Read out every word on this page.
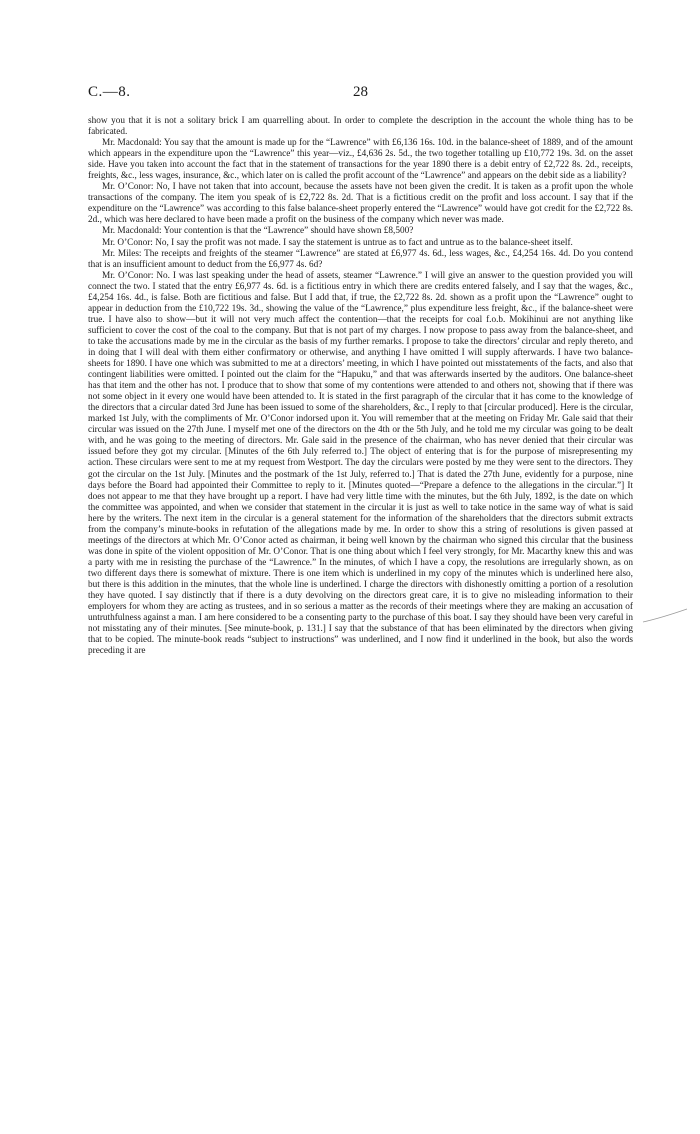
C.—8.	28

show you that it is not a solitary brick I am quarrelling about. In order to complete the description in the account the whole thing has to be fabricated.

Mr. Macdonald: You say that the amount is made up for the “Lawrence” with £6,136 16s. 10d. in the balance-sheet of 1889, and of the amount which appears in the expenditure upon the “Lawrence” this year—viz., £4,636 2s. 5d., the two together totalling up £10,772 19s. 3d. on the asset side. Have you taken into account the fact that in the statement of transactions for the year 1890 there is a debit entry of £2,722 8s. 2d., receipts, freights, &c., less wages, insurance, &c., which later on is called the profit account of the “Lawrence” and appears on the debit side as a liability?

Mr. O’Conor: No, I have not taken that into account, because the assets have not been given the credit. It is taken as a profit upon the whole transactions of the company. The item you speak of is £2,722 8s. 2d. That is a fictitious credit on the profit and loss account. I say that if the expenditure on the “Lawrence” was according to this false balance-sheet properly entered the “Lawrence” would have got credit for the £2,722 8s. 2d., which was here declared to have been made a profit on the business of the company which never was made.

Mr. Macdonald: Your contention is that the “Lawrence” should have shown £8,500?

Mr. O’Conor: No, I say the profit was not made. I say the statement is untrue as to fact and untrue as to the balance-sheet itself.

Mr. Miles: The receipts and freights of the steamer “Lawrence” are stated at £6,977 4s. 6d., less wages, &c., £4,254 16s. 4d. Do you contend that is an insufficient amount to deduct from the £6,977 4s. 6d?

Mr. O’Conor: No. I was last speaking under the head of assets, steamer “Lawrence.” I will give an answer to the question provided you will connect the two. I stated that the entry £6,977 4s. 6d. is a fictitious entry in which there are credits entered falsely, and I say that the wages, &c., £4,254 16s. 4d., is false. Both are fictitious and false. But I add that, if true, the £2,722 8s. 2d. shown as a profit upon the “Lawrence” ought to appear in deduction from the £10,722 19s. 3d., showing the value of the “Lawrence,” plus expenditure less freight, &c., if the balance-sheet were true. I have also to show—but it will not very much affect the contention—that the receipts for coal f.o.b. Mokihinui are not anything like sufficient to cover the cost of the coal to the company. But that is not part of my charges. I now propose to pass away from the balance-sheet, and to take the accusations made by me in the circular as the basis of my further remarks. I propose to take the directors’ circular and reply thereto, and in doing that I will deal with them either confirmatory or otherwise, and anything I have omitted I will supply afterwards. I have two balance-sheets for 1890. I have one which was submitted to me at a directors’ meeting, in which I have pointed out misstatements of the facts, and also that contingent liabilities were omitted. I pointed out the claim for the “Hapuku,” and that was afterwards inserted by the auditors. One balance-sheet has that item and the other has not. I produce that to show that some of my contentions were attended to and others not, showing that if there was not some object in it every one would have been attended to. It is stated in the first paragraph of the circular that it has come to the knowledge of the directors that a circular dated 3rd June has been issued to some of the shareholders, &c., I reply to that [circular produced]. Here is the circular, marked 1st July, with the compliments of Mr. O’Conor indorsed upon it. You will remember that at the meeting on Friday Mr. Gale said that their circular was issued on the 27th June. I myself met one of the directors on the 4th or the 5th July, and he told me my circular was going to be dealt with, and he was going to the meeting of directors. Mr. Gale said in the presence of the chairman, who has never denied that their circular was issued before they got my circular. [Minutes of the 6th July referred to.] The object of entering that is for the purpose of misrepresenting my action. These circulars were sent to me at my request from Westport. The day the circulars were posted by me they were sent to the directors. They got the circular on the 1st July. [Minutes and the postmark of the 1st July, referred to.] That is dated the 27th June, evidently for a purpose, nine days before the Board had appointed their Committee to reply to it. [Minutes quoted—“Prepare a defence to the allegations in the circular.”] It does not appear to me that they have brought up a report. I have had very little time with the minutes, but the 6th July, 1892, is the date on which the committee was appointed, and when we consider that statement in the circular it is just as well to take notice in the same way of what is said here by the writers. The next item in the circular is a general statement for the information of the shareholders that the directors submit extracts from the company’s minute-books in refutation of the allegations made by me. In order to show this a string of resolutions is given passed at meetings of the directors at which Mr. O’Conor acted as chairman, it being well known by the chairman who signed this circular that the business was done in spite of the violent opposition of Mr. O’Conor. That is one thing about which I feel very strongly, for Mr. Macarthy knew this and was a party with me in resisting the purchase of the “Lawrence.” In the minutes, of which I have a copy, the resolutions are irregularly shown, as on two different days there is somewhat of mixture. There is one item which is underlined in my copy of the minutes which is underlined here also, but there is this addition in the minutes, that the whole line is underlined. I charge the directors with dishonestly omitting a portion of a resolution they have quoted. I say distinctly that if there is a duty devolving on the directors great care, it is to give no misleading information to their employers for whom they are acting as trustees, and in so serious a matter as the records of their meetings where they are making an accusation of untruthfulness against a man. I am here considered to be a consenting party to the purchase of this boat. I say they should have been very careful in not misstating any of their minutes. [See minute-book, p. 131.] I say that the substance of that has been eliminated by the directors when giving that to be copied. The minute-book reads “subject to instructions” was underlined, and I now find it underlined in the book, but also the words preceding it are
